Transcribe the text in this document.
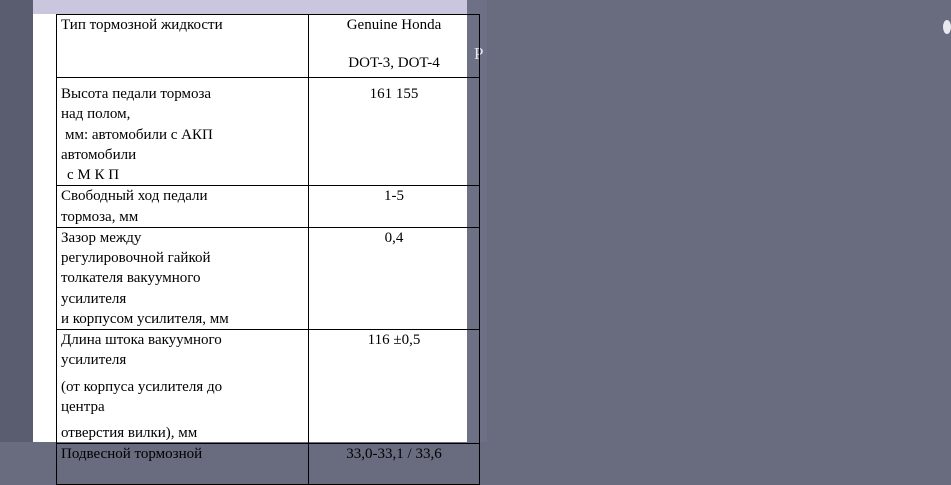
Р
Тип тормозной жидкости	Genuine Honda
DOT-3, DOT-4

Высота педали тормоза
над полом,
мм: автомобили с АКП
автомобили
с М К П	161 155

Свободный ход педали
тормоза, мм	1-5

Зазор между
регулировочной гайкой
толкателя вакуумного
усилителя
и корпусом усилителя, мм	0,4

Длина штока вакуумного
усилителя
(от корпуса усилителя до
центра
отверстия вилки), мм	116 ±0,5

Подвесной тормозной	33,0-33,1 / 33,6
